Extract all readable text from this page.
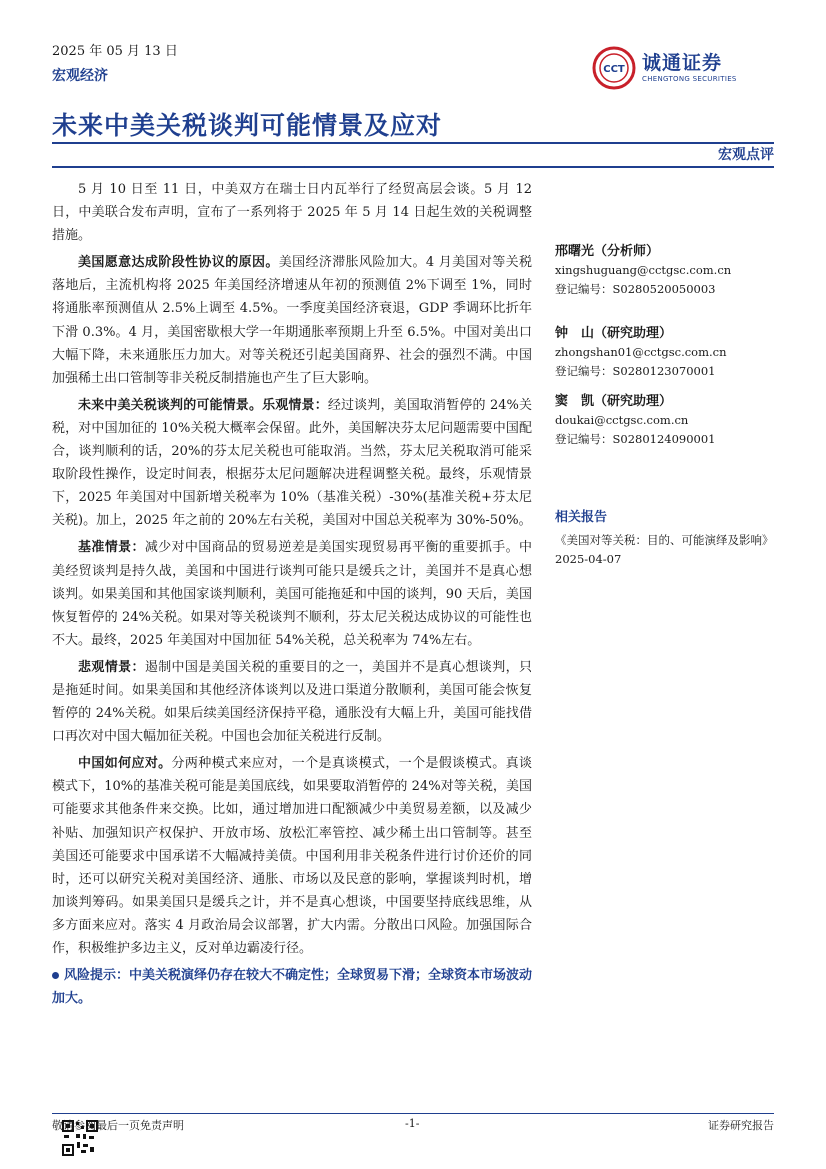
2025 年 05 月 13 日
宏观经济	CCT 诚通证券
CHENGTONG SECURITIES
未来中美关税谈判可能情景及应对
宏观点评

5 月 10 日至 11 日，中美双方在瑞士日内瓦举行了经贸高层会谈。5 月 12 日，中美联合发布声明，宣布了一系列将于 2025 年 5 月 14 日起生效的关税调整措施。

美国愿意达成阶段性协议的原因。美国经济滞胀风险加大。4 月美国对等关税落地后，主流机构将 2025 年美国经济增速从年初的预测值 2%下调至 1%，同时将通胀率预测值从 2.5%上调至 4.5%。一季度美国经济衰退，GDP 季调环比折年下滑 0.3%。4 月，美国密歇根大学一年期通胀率预期上升至 6.5%。中国对美出口大幅下降，未来通胀压力加大。对等关税还引起美国商界、社会的强烈不满。中国加强稀土出口管制等非关税反制措施也产生了巨大影响。

未来中美关税谈判的可能情景。乐观情景：经过谈判，美国取消暂停的 24%关税，对中国加征的 10%关税大概率会保留。此外，美国解决芬太尼问题需要中国配合，谈判顺利的话，20%的芬太尼关税也可能取消。当然，芬太尼关税取消可能采取阶段性操作，设定时间表，根据芬太尼问题解决进程调整关税。最终，乐观情景下，2025 年美国对中国新增关税率为 10%（基准关税）-30%(基准关税+芬太尼关税)。加上，2025 年之前的 20%左右关税，美国对中国总关税率为 30%-50%。

基准情景：减少对中国商品的贸易逆差是美国实现贸易再平衡的重要抓手。中美经贸谈判是持久战，美国和中国进行谈判可能只是缓兵之计，美国并不是真心想谈判。如果美国和其他国家谈判顺利，美国可能拖延和中国的谈判，90 天后，美国恢复暂停的 24%关税。如果对等关税谈判不顺利，芬太尼关税达成协议的可能性也不大。最终，2025 年美国对中国加征 54%关税，总关税率为 74%左右。

悲观情景：遏制中国是美国关税的重要目的之一，美国并不是真心想谈判，只是拖延时间。如果美国和其他经济体谈判以及进口渠道分散顺利，美国可能会恢复暂停的 24%关税。如果后续美国经济保持平稳，通胀没有大幅上升，美国可能找借口再次对中国大幅加征关税。中国也会加征关税进行反制。

中国如何应对。分两种模式来应对，一个是真谈模式，一个是假谈模式。真谈模式下，10%的基准关税可能是美国底线，如果要取消暂停的 24%对等关税，美国可能要求其他条件来交换。比如，通过增加进口配额减少中美贸易差额，以及减少补贴、加强知识产权保护、开放市场、放松汇率管控、减少稀土出口管制等。甚至美国还可能要求中国承诺不大幅减持美债。中国利用非关税条件进行讨价还价的同时，还可以研究关税对美国经济、通胀、市场以及民意的影响，掌握谈判时机，增加谈判筹码。如果美国只是缓兵之计，并不是真心想谈，中国要坚持底线思维，从多方面来应对。落实 4 月政治局会议部署，扩大内需。分散出口风险。加强国际合作，积极维护多边主义，反对单边霸凌行径。

风险提示：中美关税演绎仍存在较大不确定性；全球贸易下滑；全球资本市场波动加大。

邢曙光（分析师）
xingshuguang@cctgsc.com.cn
登记编号：S0280520050003
钟　山（研究助理）
zhongshan01@cctgsc.com.cn
登记编号：S0280123070001
窦　凯（研究助理）
doukai@cctgsc.com.cn
登记编号：S0280124090001
相关报告
《美国对等关税：目的、可能演绎及影响》
2025-04-07
敬请参阅最后一页免责声明	-1-	证券研究报告
